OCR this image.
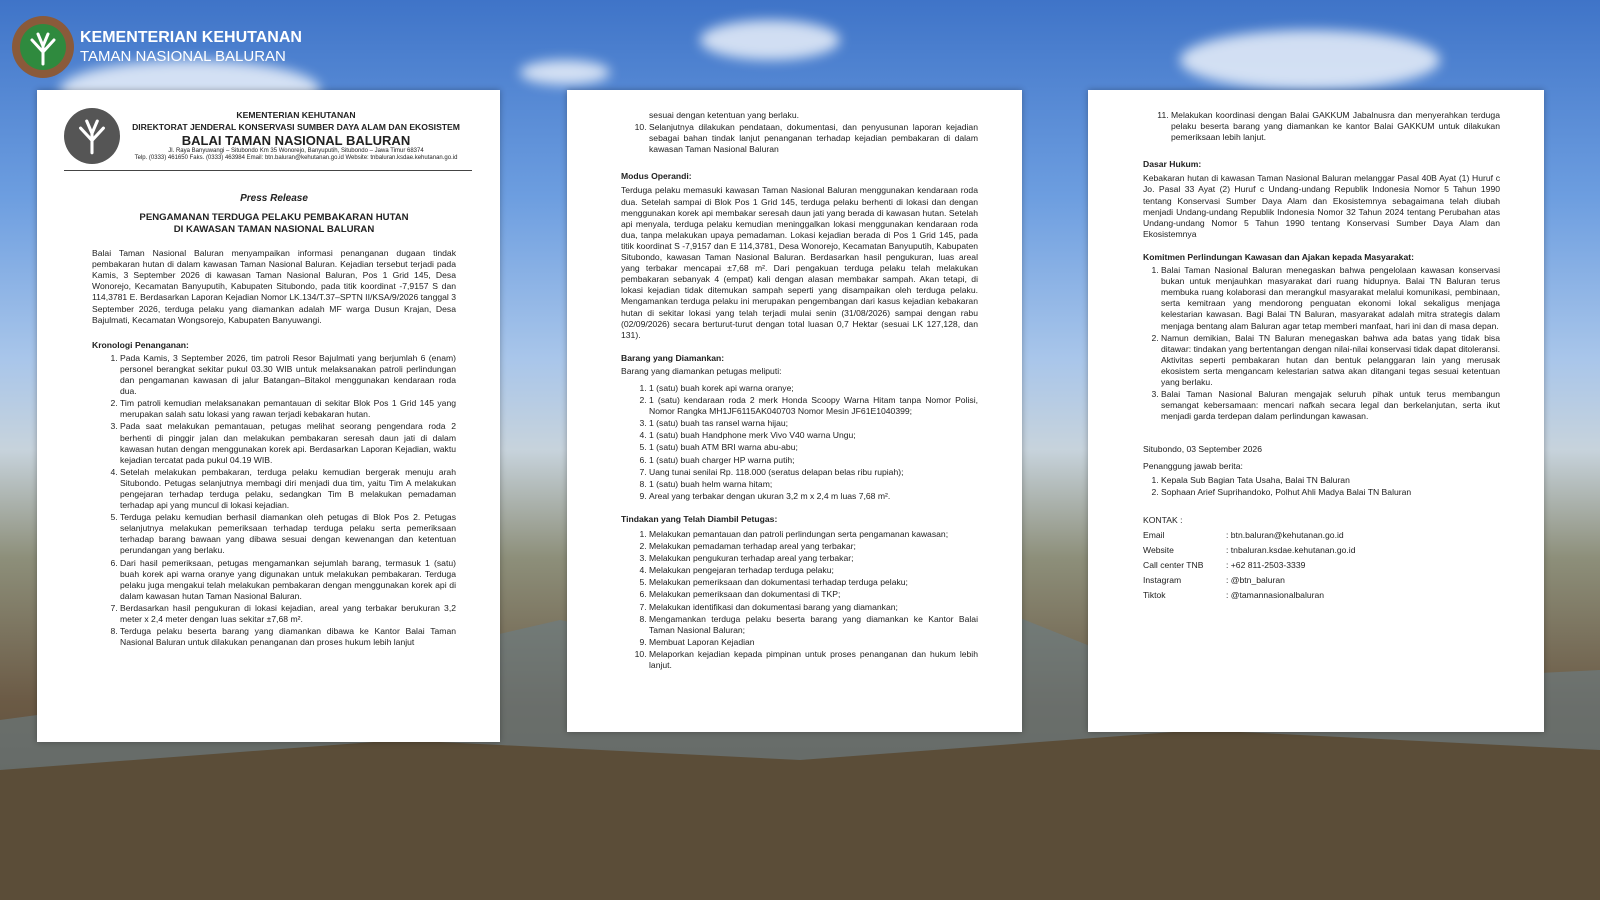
KEMENTERIAN KEHUTANAN
TAMAN NASIONAL BALURAN
KEMENTERIAN KEHUTANAN
DIREKTORAT JENDERAL KONSERVASI SUMBER DAYA ALAM DAN EKOSISTEM
BALAI TAMAN NASIONAL BALURAN
Jl. Raya Banyuwangi – Situbondo Km 35 Wonorejo, Banyuputih, Situbondo – Jawa Timur 68374
Telp. (0333) 461650 Faks. (0333) 463984 Email: btn.baluran@kehutanan.go.id Website: tnbaluran.ksdae.kehutanan.go.id
Press Release
PENGAMANAN TERDUGA PELAKU PEMBAKARAN HUTAN
DI KAWASAN TAMAN NASIONAL BALURAN

Balai Taman Nasional Baluran menyampaikan informasi penanganan dugaan tindak pembakaran hutan di dalam kawasan Taman Nasional Baluran. Kejadian tersebut terjadi pada Kamis, 3 September 2026 di kawasan Taman Nasional Baluran, Pos 1 Grid 145, Desa Wonorejo, Kecamatan Banyuputih, Kabupaten Situbondo, pada titik koordinat -7,9157 S dan 114,3781 E. Berdasarkan Laporan Kejadian Nomor LK.134/T.37–SPTN II/KSA/9/2026 tanggal 3 September 2026, terduga pelaku yang diamankan adalah MF warga Dusun Krajan, Desa Bajulmati, Kecamatan Wongsorejo, Kabupaten Banyuwangi.

Kronologi Penanganan:
1. Pada Kamis, 3 September 2026, tim patroli Resor Bajulmati yang berjumlah 6 (enam) personel berangkat sekitar pukul 03.30 WIB untuk melaksanakan patroli perlindungan dan pengamanan kawasan di jalur Batangan–Bitakol menggunakan kendaraan roda dua.
2. Tim patroli kemudian melaksanakan pemantauan di sekitar Blok Pos 1 Grid 145 yang merupakan salah satu lokasi yang rawan terjadi kebakaran hutan.
3. Pada saat melakukan pemantauan, petugas melihat seorang pengendara roda 2 berhenti di pinggir jalan dan melakukan pembakaran seresah daun jati di dalam kawasan hutan dengan menggunakan korek api. Berdasarkan Laporan Kejadian, waktu kejadian tercatat pada pukul 04.19 WIB.
4. Setelah melakukan pembakaran, terduga pelaku kemudian bergerak menuju arah Situbondo. Petugas selanjutnya membagi diri menjadi dua tim, yaitu Tim A melakukan pengejaran terhadap terduga pelaku, sedangkan Tim B melakukan pemadaman terhadap api yang muncul di lokasi kejadian.
5. Terduga pelaku kemudian berhasil diamankan oleh petugas di Blok Pos 2. Petugas selanjutnya melakukan pemeriksaan terhadap terduga pelaku serta pemeriksaan terhadap barang bawaan yang dibawa sesuai dengan kewenangan dan ketentuan perundangan yang berlaku.
6. Dari hasil pemeriksaan, petugas mengamankan sejumlah barang, termasuk 1 (satu) buah korek api warna oranye yang digunakan untuk melakukan pembakaran. Terduga pelaku juga mengakui telah melakukan pembakaran dengan menggunakan korek api di dalam kawasan hutan Taman Nasional Baluran.
7. Berdasarkan hasil pengukuran di lokasi kejadian, areal yang terbakar berukuran 3,2 meter x 2,4 meter dengan luas sekitar ±7,68 m².
8. Terduga pelaku beserta barang yang diamankan dibawa ke Kantor Balai Taman Nasional Baluran untuk dilakukan penanganan dan proses hukum lebih lanjut
sesuai dengan ketentuan yang berlaku.
10. Selanjutnya dilakukan pendataan, dokumentasi, dan penyusunan laporan kejadian sebagai bahan tindak lanjut penanganan terhadap kejadian pembakaran di dalam kawasan Taman Nasional Baluran
Modus Operandi:

Terduga pelaku memasuki kawasan Taman Nasional Baluran menggunakan kendaraan roda dua. Setelah sampai di Blok Pos 1 Grid 145, terduga pelaku berhenti di lokasi dan dengan menggunakan korek api membakar seresah daun jati yang berada di kawasan hutan. Setelah api menyala, terduga pelaku kemudian meninggalkan lokasi menggunakan kendaraan roda dua, tanpa melakukan upaya pemadaman. Lokasi kejadian berada di Pos 1 Grid 145, pada titik koordinat S -7,9157 dan E 114,3781, Desa Wonorejo, Kecamatan Banyuputih, Kabupaten Situbondo, kawasan Taman Nasional Baluran. Berdasarkan hasil pengukuran, luas areal yang terbakar mencapai ±7,68 m². Dari pengakuan terduga pelaku telah melakukan pembakaran sebanyak 4 (empat) kali dengan alasan membakar sampah. Akan tetapi, di lokasi kejadian tidak ditemukan sampah seperti yang disampaikan oleh terduga pelaku. Mengamankan terduga pelaku ini merupakan pengembangan dari kasus kejadian kebakaran hutan di sekitar lokasi yang telah terjadi mulai senin (31/08/2026) sampai dengan rabu (02/09/2026) secara berturut-turut dengan total luasan 0,7 Hektar (sesuai LK 127,128, dan 131).

Barang yang Diamankan:

Barang yang diamankan petugas meliputi:

1. 1 (satu) buah korek api warna oranye;
2. 1 (satu) kendaraan roda 2 merk Honda Scoopy Warna Hitam tanpa Nomor Polisi, Nomor Rangka MH1JF6115AK040703 Nomor Mesin JF61E1040399;
3. 1 (satu) buah tas ransel warna hijau;
4. 1 (satu) buah Handphone merk Vivo V40 warna Ungu;
5. 1 (satu) buah ATM BRI warna abu-abu;
6. 1 (satu) buah charger HP warna putih;
7. Uang tunai senilai Rp. 118.000 (seratus delapan belas ribu rupiah);
8. 1 (satu) buah helm warna hitam;
9. Areal yang terbakar dengan ukuran 3,2 m x 2,4 m luas 7,68 m².
Tindakan yang Telah Diambil Petugas:
1. Melakukan pemantauan dan patroli perlindungan serta pengamanan kawasan;
2. Melakukan pemadaman terhadap areal yang terbakar;
3. Melakukan pengukuran terhadap areal yang terbakar;
4. Melakukan pengejaran terhadap terduga pelaku;
5. Melakukan pemeriksaan dan dokumentasi terhadap terduga pelaku;
6. Melakukan pemeriksaan dan dokumentasi di TKP;
7. Melakukan identifikasi dan dokumentasi barang yang diamankan;
8. Mengamankan terduga pelaku beserta barang yang diamankan ke Kantor Balai Taman Nasional Baluran;
9. Membuat Laporan Kejadian
10. Melaporkan kejadian kepada pimpinan untuk proses penanganan dan hukum lebih lanjut.
11. Melakukan koordinasi dengan Balai GAKKUM Jabalnusra dan menyerahkan terduga pelaku beserta barang yang diamankan ke kantor Balai GAKKUM untuk dilakukan pemeriksaan lebih lanjut.
Dasar Hukum:

Kebakaran hutan di kawasan Taman Nasional Baluran melanggar Pasal 40B Ayat (1) Huruf c Jo. Pasal 33 Ayat (2) Huruf c Undang-undang Republik Indonesia Nomor 5 Tahun 1990 tentang Konservasi Sumber Daya Alam dan Ekosistemnya sebagaimana telah diubah menjadi Undang-undang Republik Indonesia Nomor 32 Tahun 2024 tentang Perubahan atas Undang-undang Nomor 5 Tahun 1990 tentang Konservasi Sumber Daya Alam dan Ekosistemnya

Komitmen Perlindungan Kawasan dan Ajakan kepada Masyarakat:
1. Balai Taman Nasional Baluran menegaskan bahwa pengelolaan kawasan konservasi bukan untuk menjauhkan masyarakat dari ruang hidupnya. Balai TN Baluran terus membuka ruang kolaborasi dan merangkul masyarakat melalui komunikasi, pembinaan, serta kemitraan yang mendorong penguatan ekonomi lokal sekaligus menjaga kelestarian kawasan. Bagi Balai TN Baluran, masyarakat adalah mitra strategis dalam menjaga bentang alam Baluran agar tetap memberi manfaat, hari ini dan di masa depan.
2. Namun demikian, Balai TN Baluran menegaskan bahwa ada batas yang tidak bisa ditawar: tindakan yang bertentangan dengan nilai-nilai konservasi tidak dapat ditoleransi. Aktivitas seperti pembakaran hutan dan bentuk pelanggaran lain yang merusak ekosistem serta mengancam kelestarian satwa akan ditangani tegas sesuai ketentuan yang berlaku.
3. Balai Taman Nasional Baluran mengajak seluruh pihak untuk terus membangun semangat kebersamaan: mencari nafkah secara legal dan berkelanjutan, serta ikut menjadi garda terdepan dalam perlindungan kawasan.

Situbondo, 03 September 2026

Penanggung jawab berita:

1. Kepala Sub Bagian Tata Usaha, Balai TN Baluran
2. Sophaan Arief Suprihandoko, Polhut Ahli Madya Balai TN Baluran

KONTAK :

Email	: btn.baluran@kehutanan.go.id
Website	: tnbaluran.ksdae.kehutanan.go.id
Call center TNB	: +62 811-2503-3339
Instagram	: @btn_baluran
Tiktok	: @tamannasionalbaluran
